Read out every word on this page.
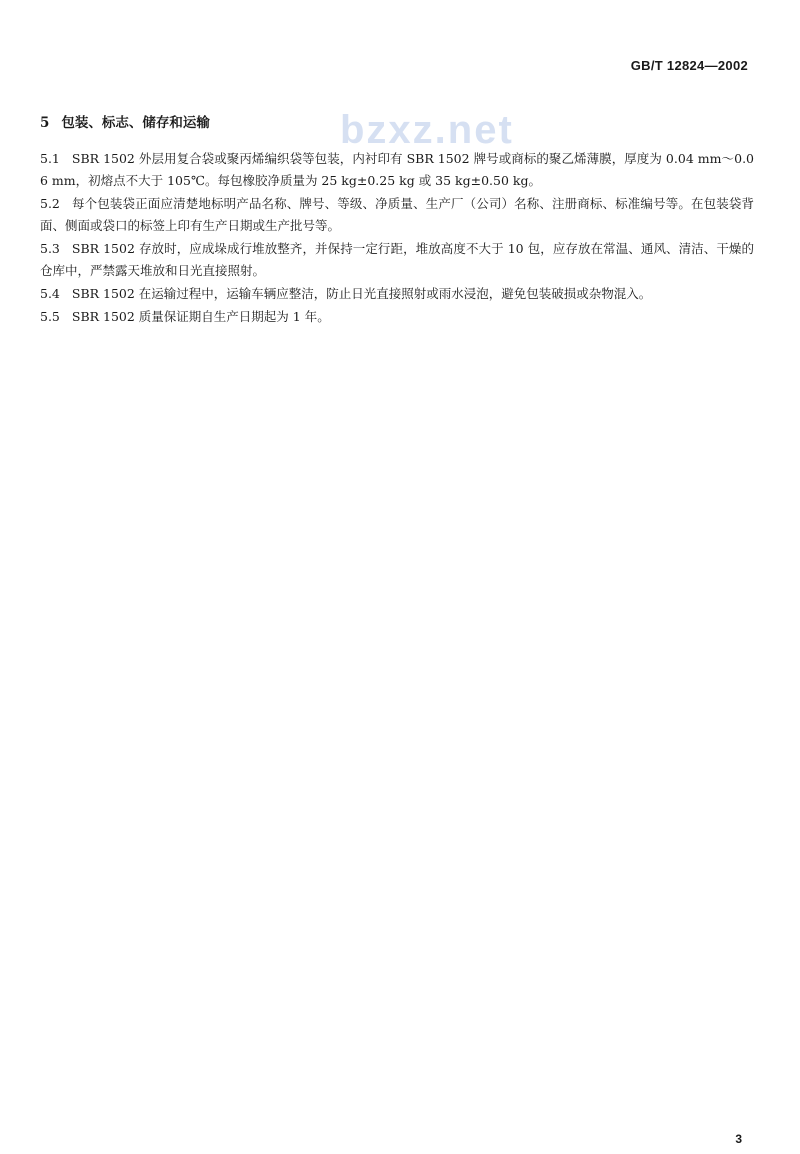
GB/T 12824—2002
bzxz.net
5 包装、标志、储存和运输

5.1 SBR 1502 外层用复合袋或聚丙烯编织袋等包装，内衬印有 SBR 1502 牌号或商标的聚乙烯薄膜，厚度为 0.04 mm～0.06 mm，初熔点不大于 105℃。每包橡胶净质量为 25 kg±0.25 kg 或 35 kg±0.50 kg。

5.2 每个包装袋正面应清楚地标明产品名称、牌号、等级、净质量、生产厂（公司）名称、注册商标、标准编号等。在包装袋背面、侧面或袋口的标签上印有生产日期或生产批号等。

5.3 SBR 1502 存放时，应成垛成行堆放整齐，并保持一定行距，堆放高度不大于 10 包，应存放在常温、通风、清洁、干燥的仓库中，严禁露天堆放和日光直接照射。

5.4 SBR 1502 在运输过程中，运输车辆应整洁，防止日光直接照射或雨水浸泡，避免包装破损或杂物混入。

5.5 SBR 1502 质量保证期自生产日期起为 1 年。

3
